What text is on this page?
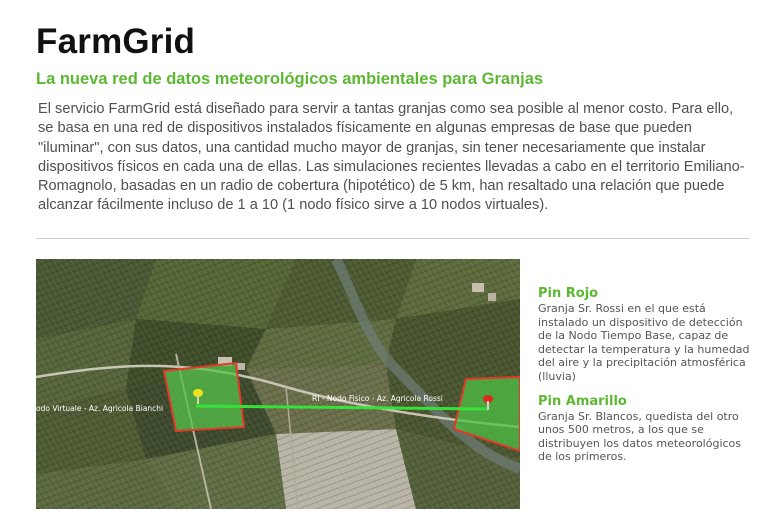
FarmGrid
La nueva red de datos meteorológicos ambientales para Granjas
El servicio FarmGrid está diseñado para servir a tantas granjas como sea posible al menor costo. Para ello, se basa en una red de dispositivos instalados físicamente en algunas empresas de base que pueden "iluminar", con sus datos, una cantidad mucho mayor de granjas, sin tener necesariamente que instalar dispositivos físicos en cada una de ellas. Las simulaciones recientes llevadas a cabo en el territorio Emiliano-Romagnolo, basadas en un radio de cobertura (hipotético) de 5 km, han resaltado una relación que puede alcanzar fácilmente incluso de 1 a 10 (1 nodo físico sirve a 10 nodos virtuales).
odo Virtuale - Az. Agricola Bianchi
RI - Nodo Fisico - Az. Agricola Rossi

Pin Rojo

Granja Sr. Rossi en el que está instalado un dispositivo de detección de la Nodo Tiempo Base, capaz de detectar la temperatura y la humedad del aire y la precipitación atmosférica (lluvia)

Pin Amarillo

Granja Sr. Blancos, quedista del otro unos 500 metros, a los que se distribuyen los datos meteorológicos de los primeros.
